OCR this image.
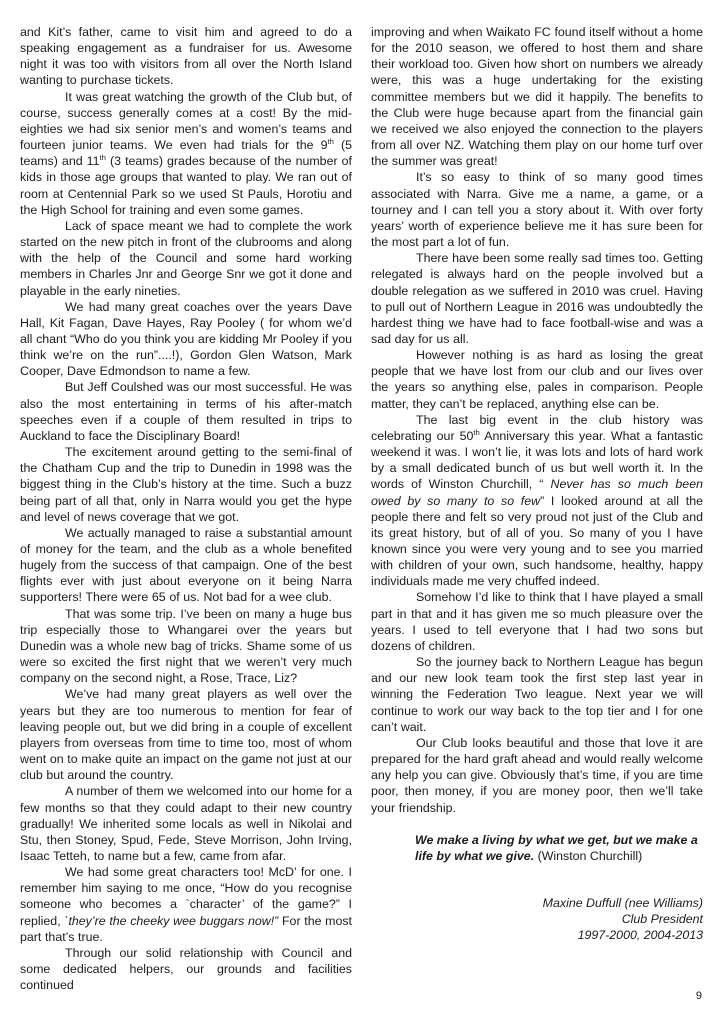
and Kit’s father, came to visit him and agreed to do a speaking engagement as a fundraiser for us. Awesome night it was too with visitors from all over the North Island wanting to purchase tickets.

It was great watching the growth of the Club but, of course, success generally comes at a cost! By the mid-eighties we had six senior men’s and women’s teams and fourteen junior teams. We even had trials for the 9th (5 teams) and 11th (3 teams) grades because of the number of kids in those age groups that wanted to play. We ran out of room at Centennial Park so we used St Pauls, Horotiu and the High School for training and even some games.

Lack of space meant we had to complete the work started on the new pitch in front of the clubrooms and along with the help of the Council and some hard working members in Charles Jnr and George Snr we got it done and playable in the early nineties.

We had many great coaches over the years Dave Hall, Kit Fagan, Dave Hayes, Ray Pooley ( for whom we’d all chant “Who do you think you are kidding Mr Pooley if you think we’re on the run”....!), Gordon Glen Watson, Mark Cooper, Dave Edmondson to name a few.

But Jeff Coulshed was our most successful. He was also the most entertaining in terms of his after-match speeches even if a couple of them resulted in trips to Auckland to face the Disciplinary Board!

The excitement around getting to the semi-final of the Chatham Cup and the trip to Dunedin in 1998 was the biggest thing in the Club’s history at the time. Such a buzz being part of all that, only in Narra would you get the hype and level of news coverage that we got.

We actually managed to raise a substantial amount of money for the team, and the club as a whole benefited hugely from the success of that campaign. One of the best flights ever with just about everyone on it being Narra supporters! There were 65 of us. Not bad for a wee club.

That was some trip. I’ve been on many a huge bus trip especially those to Whangarei over the years but Dunedin was a whole new bag of tricks. Shame some of us were so excited the first night that we weren’t very much company on the second night, a Rose, Trace, Liz?

We’ve had many great players as well over the years but they are too numerous to mention for fear of leaving people out, but we did bring in a couple of excellent players from overseas from time to time too, most of whom went on to make quite an impact on the game not just at our club but around the country.

A number of them we welcomed into our home for a few months so that they could adapt to their new country gradually! We inherited some locals as well in Nikolai and Stu, then Stoney, Spud, Fede, Steve Morrison, John Irving, Isaac Tetteh, to name but a few, came from afar.

We had some great characters too! McD’ for one. I remember him saying to me once, “How do you recognise someone who becomes a `character’ of the game?” I replied, `they’re the cheeky wee buggars now!” For the most part that’s true.

Through our solid relationship with Council and some dedicated helpers, our grounds and facilities continued

improving and when Waikato FC found itself without a home for the 2010 season, we offered to host them and share their workload too. Given how short on numbers we already were, this was a huge undertaking for the existing committee members but we did it happily. The benefits to the Club were huge because apart from the financial gain we received we also enjoyed the connection to the players from all over NZ. Watching them play on our home turf over the summer was great!

It’s so easy to think of so many good times associated with Narra. Give me a name, a game, or a tourney and I can tell you a story about it. With over forty years’ worth of experience believe me it has sure been for the most part a lot of fun.

There have been some really sad times too. Getting relegated is always hard on the people involved but a double relegation as we suffered in 2010 was cruel. Having to pull out of Northern League in 2016 was undoubtedly the hardest thing we have had to face football-wise and was a sad day for us all.

However nothing is as hard as losing the great people that we have lost from our club and our lives over the years so anything else, pales in comparison. People matter, they can’t be replaced, anything else can be.

The last big event in the club history was celebrating our 50th Anniversary this year. What a fantastic weekend it was. I won’t lie, it was lots and lots of hard work by a small dedicated bunch of us but well worth it. In the words of Winston Churchill, “ Never has so much been owed by so many to so few” I looked around at all the people there and felt so very proud not just of the Club and its great history, but of all of you. So many of you I have known since you were very young and to see you married with children of your own, such handsome, healthy, happy individuals made me very chuffed indeed.

Somehow I’d like to think that I have played a small part in that and it has given me so much pleasure over the years. I used to tell everyone that I had two sons but dozens of children.

So the journey back to Northern League has begun and our new look team took the first step last year in winning the Federation Two league. Next year we will continue to work our way back to the top tier and I for one can’t wait.

Our Club looks beautiful and those that love it are prepared for the hard graft ahead and would really welcome any help you can give. Obviously that’s time, if you are time poor, then money, if you are money poor, then we’ll take your friendship.

We make a living by what we get, but we make a life by what we give. (Winston Churchill)

Maxine Duffull (nee Williams)
Club President
1997-2000, 2004-2013
9
